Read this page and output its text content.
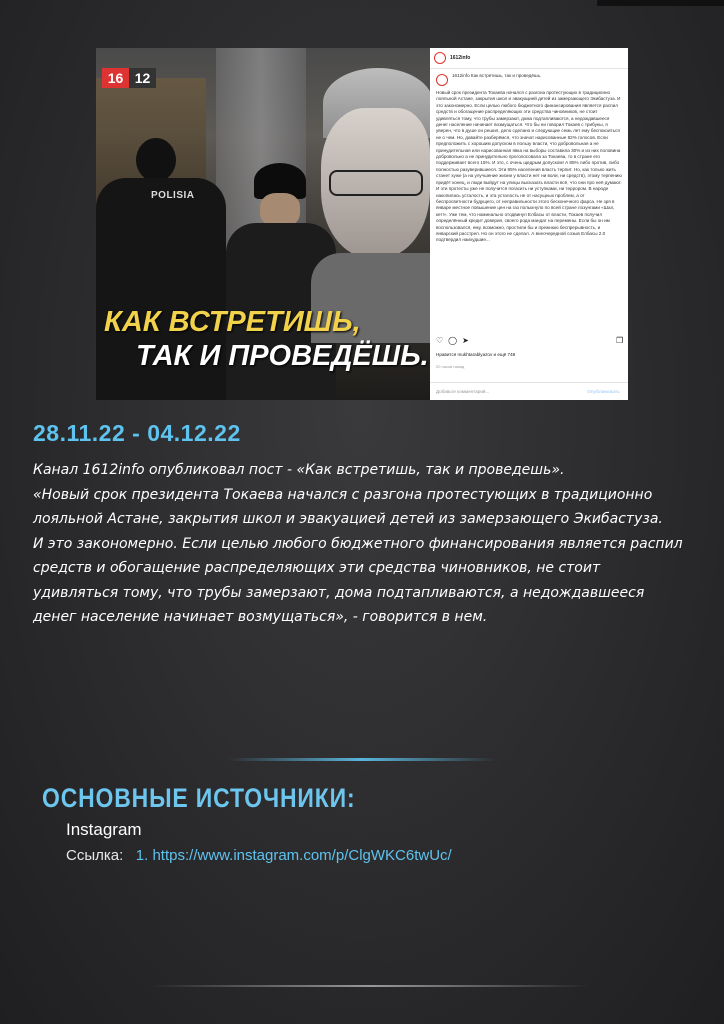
16 12
POLISIA
КАК ВСТРЕТИШЬ,
ТАК И ПРОВЕДЁШЬ.
1612info

1612info Как встретишь, так и проведёшь.

Новый срок президента Токаева начался с разгона протестующих в традиционно лояльной Астане, закрытия школ и эвакуацией детей из замерзающего Экибастуза. И это закономерно. Если целью любого бюджетного финансирования является распил средств и обогащение распределяющих эти средства чиновников, не стоит удивляться тому, что трубы замерзают, дома подтапливаются, а недождавшееся денег население начинает возмущаться. Что бы ни говорил Токаев с трибуны, я уверен, что в душе он решил, дело сделано и следующие семь лет ему беспокоиться не о чем. Но, давайте разберёмся, что значат нарисованные 82% голосов. Если предположить с хорошим допуском в пользу власти, что добровольная а не принудительная или нарисованная явка на выборы составила 30% и из них половина добровольно а не принудительно проголосовала за Токаева, то в стране его поддерживает всего 15%. И это, с очень щедрым допуском! А 85% либо против, либо полностью разуверившиеся. Эти 85% населения власть терпит. Но, как только жить станет хуже (а на улучшение жизни у власти нет ни воли, ни средств), этому терпению придёт конец, и люди выйдут на улицы высказать власти всё, что они про неё думают. И эти протесты уже не получится погасить ни уступками, ни террором. В народе накопилась усталость, и эта усталость не от насущных проблем, а от беспросветности будущего, от неправильности этого бесконечного фарса. Не зря в январе местное повышение цен на газ полыхнуло по всей стране лозунгами «Шал, кет!». Уже тем, что номинально отодвинул Елбасы от власти, Токаев получил определённый кредит доверия, своего рода мандат на перемены. Если бы он им воспользовался, ему, возможно, простили бы и прежнюю беспрерывность, и январский расстрел. Но он этого не сделал. А внеочередной созыв Елбасы 2.0 подтвердил наихудшие...

♡ ◯ ➤	❐
Нравится mukhtarablyazov и ещё 748
20 часов назад
Добавьте комментарий...	Опубликовать
28.11.22 - 04.12.22

Канал 1612info опубликовал пост - «Как встретишь, так и проведешь».

«Новый срок президента Токаева начался с разгона протестующих в традиционно

лояльной Астане, закрытия школ и эвакуацией детей из замерзающего Экибастуза.

И это закономерно. Если целью любого бюджетного финансирования является распил

средств и обогащение распределяющих эти средства чиновников, не стоит

удивляться тому, что трубы замерзают, дома подтапливаются, а недождавшееся

денег население начинает возмущаться», - говорится в нем.

ОСНОВНЫЕ ИСТОЧНИКИ:
Instagram
Ссылка:   1. https://www.instagram.com/p/ClgWKC6twUc/
